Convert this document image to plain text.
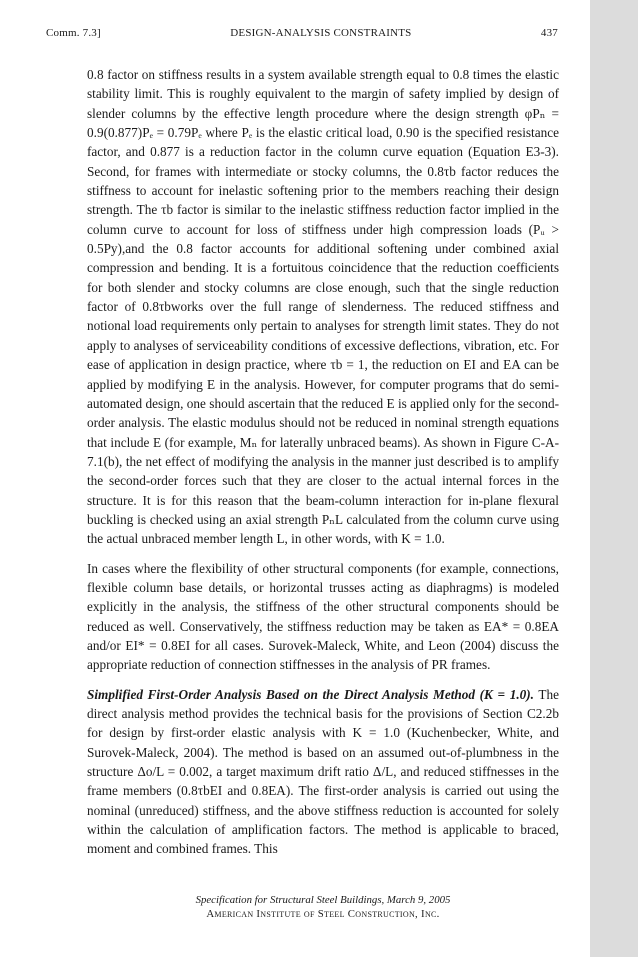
Comm. 7.3]	DESIGN-ANALYSIS CONSTRAINTS	437

0.8 factor on stiffness results in a system available strength equal to 0.8 times the elastic stability limit. This is roughly equivalent to the margin of safety implied by design of slender columns by the effective length procedure where the design strength φPₙ = 0.9(0.877)Pₑ = 0.79Pₑ where Pₑ is the elastic critical load, 0.90 is the specified resistance factor, and 0.877 is a reduction factor in the column curve equation (Equation E3-3). Second, for frames with intermediate or stocky columns, the 0.8τb factor reduces the stiffness to account for inelastic softening prior to the members reaching their design strength. The τb factor is similar to the inelastic stiffness reduction factor implied in the column curve to account for loss of stiffness under high compression loads (Pᵤ > 0.5Py),and the 0.8 factor accounts for additional softening under combined axial compression and bending. It is a fortuitous coincidence that the reduction coefficients for both slender and stocky columns are close enough, such that the single reduction factor of 0.8τbworks over the full range of slenderness. The reduced stiffness and notional load requirements only pertain to analyses for strength limit states. They do not apply to analyses of serviceability conditions of excessive deflections, vibration, etc. For ease of application in design practice, where τb = 1, the reduction on EI and EA can be applied by modifying E in the analysis. However, for computer programs that do semi-automated design, one should ascertain that the reduced E is applied only for the second-order analysis. The elastic modulus should not be reduced in nominal strength equations that include E (for example, Mₙ for laterally unbraced beams). As shown in Figure C-A-7.1(b), the net effect of modifying the analysis in the manner just described is to amplify the second-order forces such that they are closer to the actual internal forces in the structure. It is for this reason that the beam-column interaction for in-plane flexural buckling is checked using an axial strength PₙL calculated from the column curve using the actual unbraced member length L, in other words, with K = 1.0.

In cases where the flexibility of other structural components (for example, connections, flexible column base details, or horizontal trusses acting as diaphragms) is modeled explicitly in the analysis, the stiffness of the other structural components should be reduced as well. Conservatively, the stiffness reduction may be taken as EA* = 0.8EA and/or EI* = 0.8EI for all cases. Surovek-Maleck, White, and Leon (2004) discuss the appropriate reduction of connection stiffnesses in the analysis of PR frames.

Simplified First-Order Analysis Based on the Direct Analysis Method (K = 1.0). The direct analysis method provides the technical basis for the provisions of Section C2.2b for design by first-order elastic analysis with K = 1.0 (Kuchenbecker, White, and Surovek-Maleck, 2004). The method is based on an assumed out-of-plumbness in the structure Δo/L = 0.002, a target maximum drift ratio Δ/L, and reduced stiffnesses in the frame members (0.8τbEI and 0.8EA). The first-order analysis is carried out using the nominal (unreduced) stiffness, and the above stiffness reduction is accounted for solely within the calculation of amplification factors. The method is applicable to braced, moment and combined frames. This

Specification for Structural Steel Buildings, March 9, 2005
American Institute of Steel Construction, Inc.
